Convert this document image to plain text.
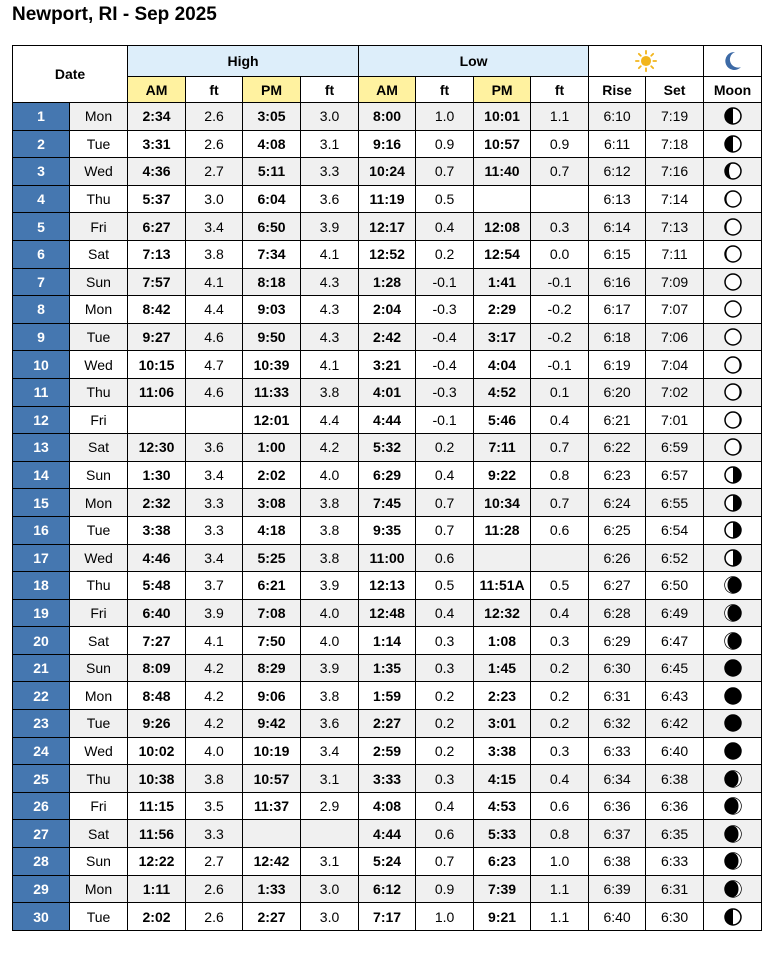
Newport, RI - Sep 2025
Date		High				Low		
		AM	ft	PM	ft	AM	ft	PM	ft	Rise	Set	Moon
1	Mon	2:34	2.6	3:05	3.0	8:00	1.0	10:01	1.1	6:10	7:19	
2	Tue	3:31	2.6	4:08	3.1	9:16	0.9	10:57	0.9	6:11	7:18	
3	Wed	4:36	2.7	5:11	3.3	10:24	0.7	11:40	0.7	6:12	7:16	
4	Thu	5:37	3.0	6:04	3.6	11:19	0.5			6:13	7:14	
5	Fri	6:27	3.4	6:50	3.9	12:17	0.4	12:08	0.3	6:14	7:13	
6	Sat	7:13	3.8	7:34	4.1	12:52	0.2	12:54	0.0	6:15	7:11	
7	Sun	7:57	4.1	8:18	4.3	1:28	-0.1	1:41	-0.1	6:16	7:09	
8	Mon	8:42	4.4	9:03	4.3	2:04	-0.3	2:29	-0.2	6:17	7:07	
9	Tue	9:27	4.6	9:50	4.3	2:42	-0.4	3:17	-0.2	6:18	7:06	
10	Wed	10:15	4.7	10:39	4.1	3:21	-0.4	4:04	-0.1	6:19	7:04	
11	Thu	11:06	4.6	11:33	3.8	4:01	-0.3	4:52	0.1	6:20	7:02	
12	Fri			12:01	4.4	4:44	-0.1	5:46	0.4	6:21	7:01	
13	Sat	12:30	3.6	1:00	4.2	5:32	0.2	7:11	0.7	6:22	6:59	
14	Sun	1:30	3.4	2:02	4.0	6:29	0.4	9:22	0.8	6:23	6:57	
15	Mon	2:32	3.3	3:08	3.8	7:45	0.7	10:34	0.7	6:24	6:55	
16	Tue	3:38	3.3	4:18	3.8	9:35	0.7	11:28	0.6	6:25	6:54	
17	Wed	4:46	3.4	5:25	3.8	11:00	0.6			6:26	6:52	
18	Thu	5:48	3.7	6:21	3.9	12:13	0.5	11:51A	0.5	6:27	6:50	
19	Fri	6:40	3.9	7:08	4.0	12:48	0.4	12:32	0.4	6:28	6:49	
20	Sat	7:27	4.1	7:50	4.0	1:14	0.3	1:08	0.3	6:29	6:47	
21	Sun	8:09	4.2	8:29	3.9	1:35	0.3	1:45	0.2	6:30	6:45	
22	Mon	8:48	4.2	9:06	3.8	1:59	0.2	2:23	0.2	6:31	6:43	
23	Tue	9:26	4.2	9:42	3.6	2:27	0.2	3:01	0.2	6:32	6:42	
24	Wed	10:02	4.0	10:19	3.4	2:59	0.2	3:38	0.3	6:33	6:40	
25	Thu	10:38	3.8	10:57	3.1	3:33	0.3	4:15	0.4	6:34	6:38	
26	Fri	11:15	3.5	11:37	2.9	4:08	0.4	4:53	0.6	6:36	6:36	
27	Sat	11:56	3.3			4:44	0.6	5:33	0.8	6:37	6:35	
28	Sun	12:22	2.7	12:42	3.1	5:24	0.7	6:23	1.0	6:38	6:33	
29	Mon	1:11	2.6	1:33	3.0	6:12	0.9	7:39	1.1	6:39	6:31	
30	Tue	2:02	2.6	2:27	3.0	7:17	1.0	9:21	1.1	6:40	6:30	
